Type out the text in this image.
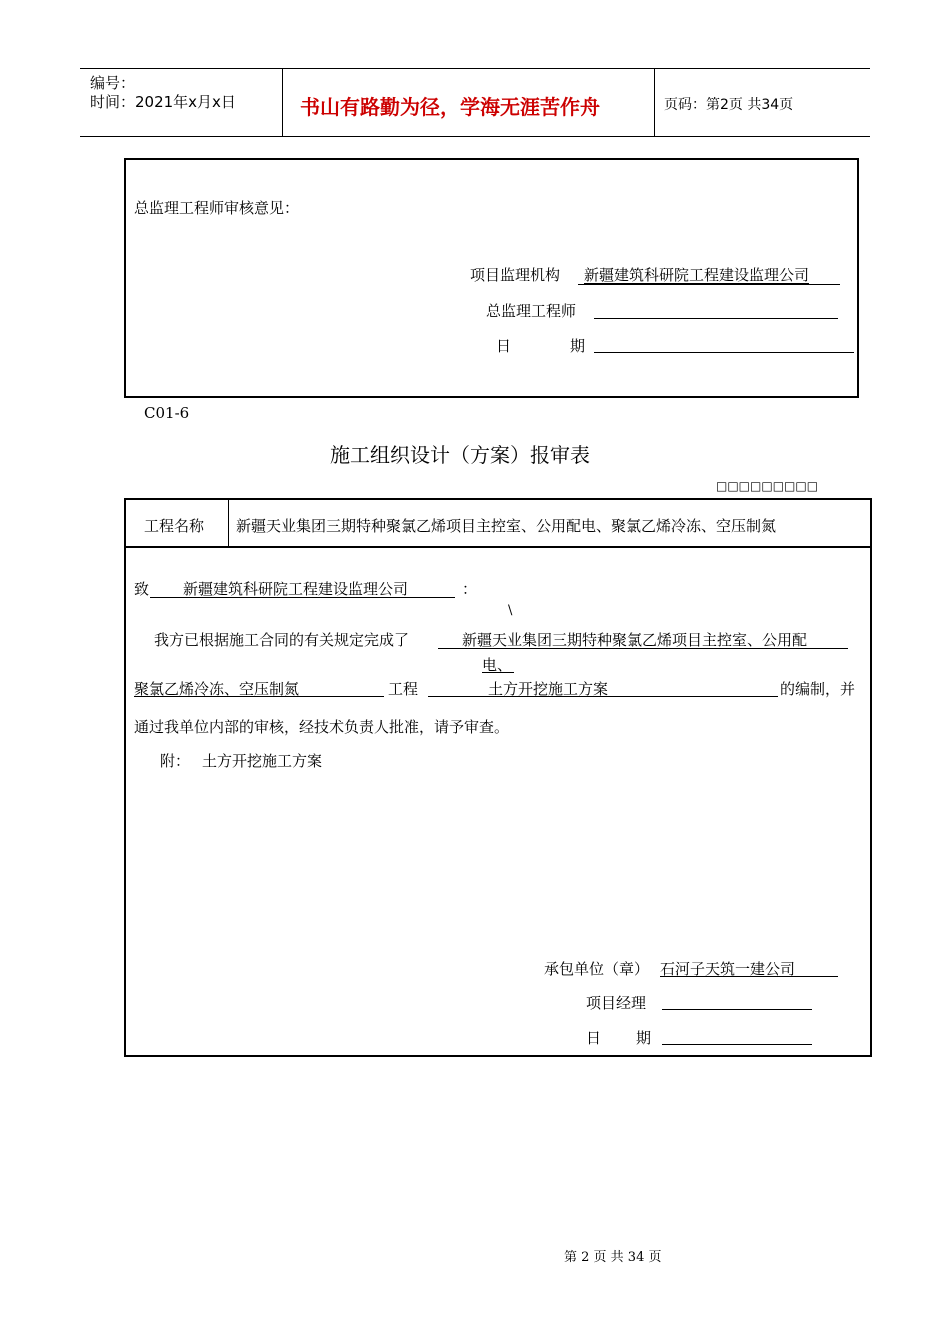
编号：
时间：2021年x月x日	书山有路勤为径，学海无涯苦作舟	页码：第2页 共34页
总监理工程师审核意见：
项目监理机构 新疆建筑科研院工程建设监理公司
总监理工程师
日	期
C01-6
施工组织设计（方案）报审表
□□□□□□□□□
工程名称 新疆天业集团三期特种聚氯乙烯项目主控室、公用配电、聚氯乙烯冷冻、空压制氮
致 新疆建筑科研院工程建设监理公司	：
\
我方已根据施工合同的有关规定完成了	新疆天业集团三期特种聚氯乙烯项目主控室、公用配
电、
聚氯乙烯冷冻、空压制氮	工程	土方开挖施工方案	的编制，并
通过我单位内部的审核，经技术负责人批准，请予审查。
附： 土方开挖施工方案
承包单位（章） 石河子天筑一建公司
项目经理
日 期
第 2 页 共 34 页
